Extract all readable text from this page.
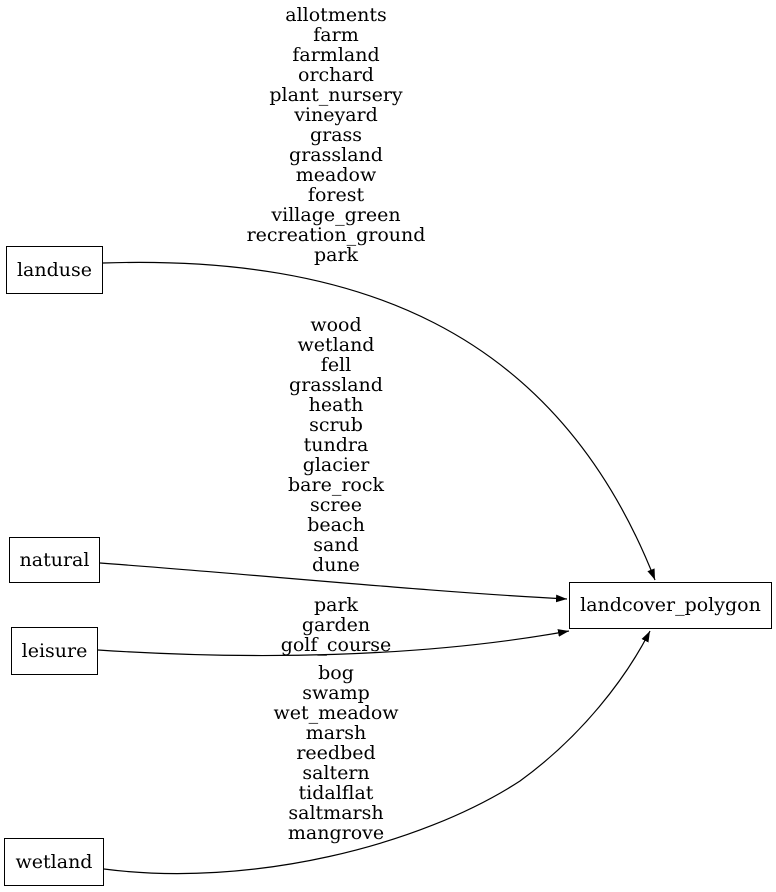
allotments
farm
farmland
orchard
plant_nursery
vineyard
grass
grassland
meadow
forest
village_green
recreation_ground
park
wood
wetland
fell
grassland
heath
scrub
tundra
glacier
bare_rock
scree
beach
sand
dune
park
garden
golf_course
bog
swamp
wet_meadow
marsh
reedbed
saltern
tidalflat
saltmarsh
mangrove
landuse
natural
leisure
wetland
landcover_polygon
